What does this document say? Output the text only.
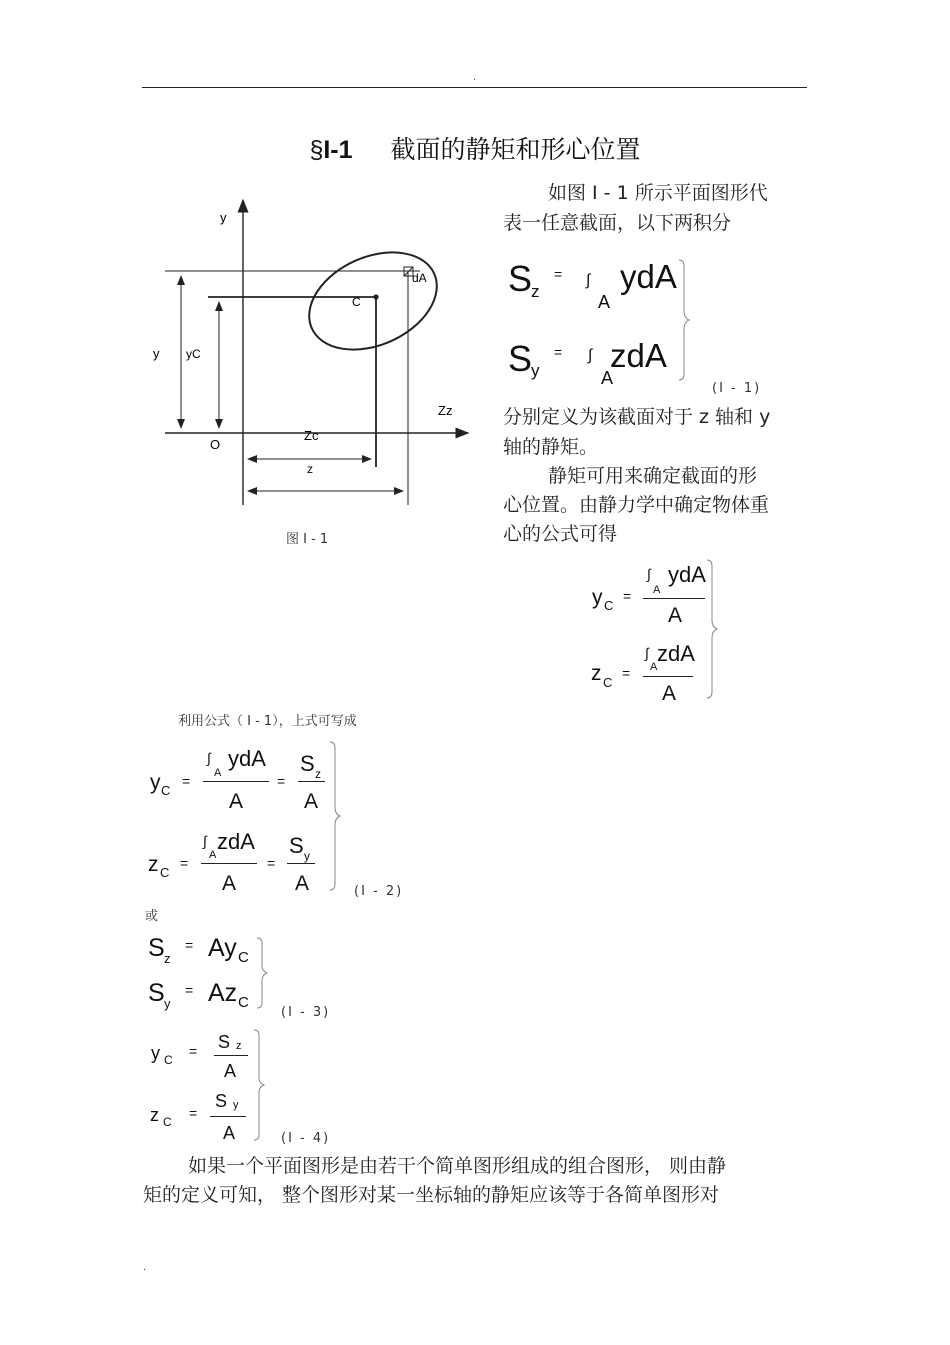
.
§I-1 截面的静矩和形心位置
y
Zz
O
dA
C
y yC
Zc
z
图 I - 1
如图 I - 1 所示平面图形代
表一任意截面，以下两积分
S
z
= ∫
A
ydA
S
y
= ∫
A
zdA
(I - 1)
分别定义为该截面对于 z 轴和 y
轴的静矩。
静矩可用来确定截面的形
心位置。由静力学中确定物体重
心的公式可得
y C
=
∫
A
ydA
A
z C
=
∫
A
zdA
A
利用公式（ I - 1），上式可写成
y C
=
∫
A
ydA
A
=
S z
A
z C
=
∫
A
zdA
A
=
S y
A	(I - 2)
或
S z
= Ay C
S y
= Az C
(I - 3)
y C
= S z
A
z C
=
S y
A	(I - 4)
如果一个平面图形是由若干个简单图形组成的组合图形， 则由静
矩的定义可知， 整个图形对某一坐标轴的静矩应该等于各简单图形对
.
